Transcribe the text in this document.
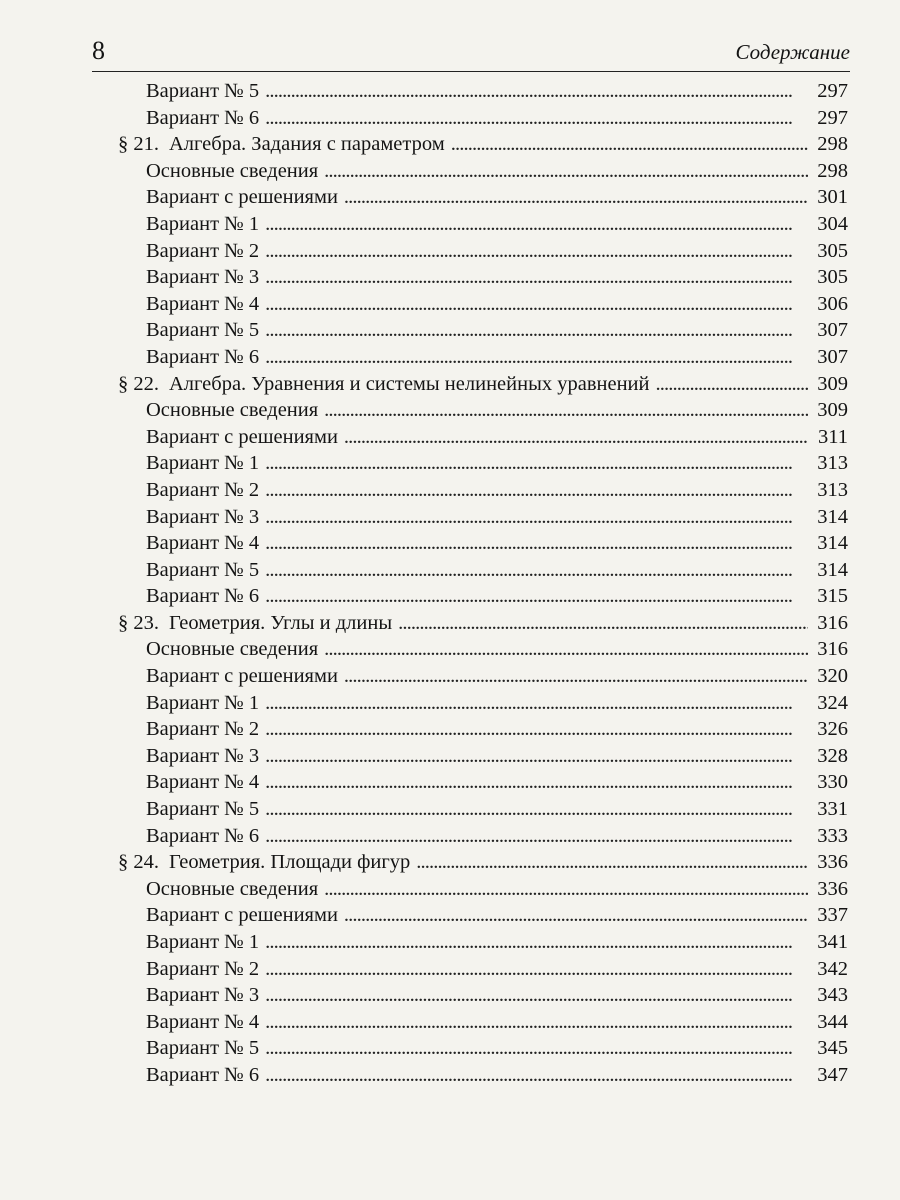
8	Содержание
Вариант № 5 . . .	297
Вариант № 6 . . .	297
§ 21. Алгебра. Задания с параметром . . .	298
Основные сведения . . .	298
Вариант с решениями . . .	301
Вариант № 1 . . .	304
Вариант № 2 . . .	305
Вариант № 3 . . .	305
Вариант № 4 . . .	306
Вариант № 5 . . .	307
Вариант № 6 . . .	307
§ 22. Алгебра. Уравнения и системы нелинейных уравнений . . .	309
Основные сведения . . .	309
Вариант с решениями . . .	311
Вариант № 1 . . .	313
Вариант № 2 . . .	313
Вариант № 3 . . .	314
Вариант № 4 . . .	314
Вариант № 5 . . .	314
Вариант № 6 . . .	315
§ 23. Геометрия. Углы и длины . . .	316
Основные сведения . . .	316
Вариант с решениями . . .	320
Вариант № 1 . . .	324
Вариант № 2 . . .	326
Вариант № 3 . . .	328
Вариант № 4 . . .	330
Вариант № 5 . . .	331
Вариант № 6 . . .	333
§ 24. Геометрия. Площади фигур . . .	336
Основные сведения . . .	336
Вариант с решениями . . .	337
Вариант № 1 . . .	341
Вариант № 2 . . .	342
Вариант № 3 . . .	343
Вариант № 4 . . .	344
Вариант № 5 . . .	345
Вариант № 6 . . .	347
